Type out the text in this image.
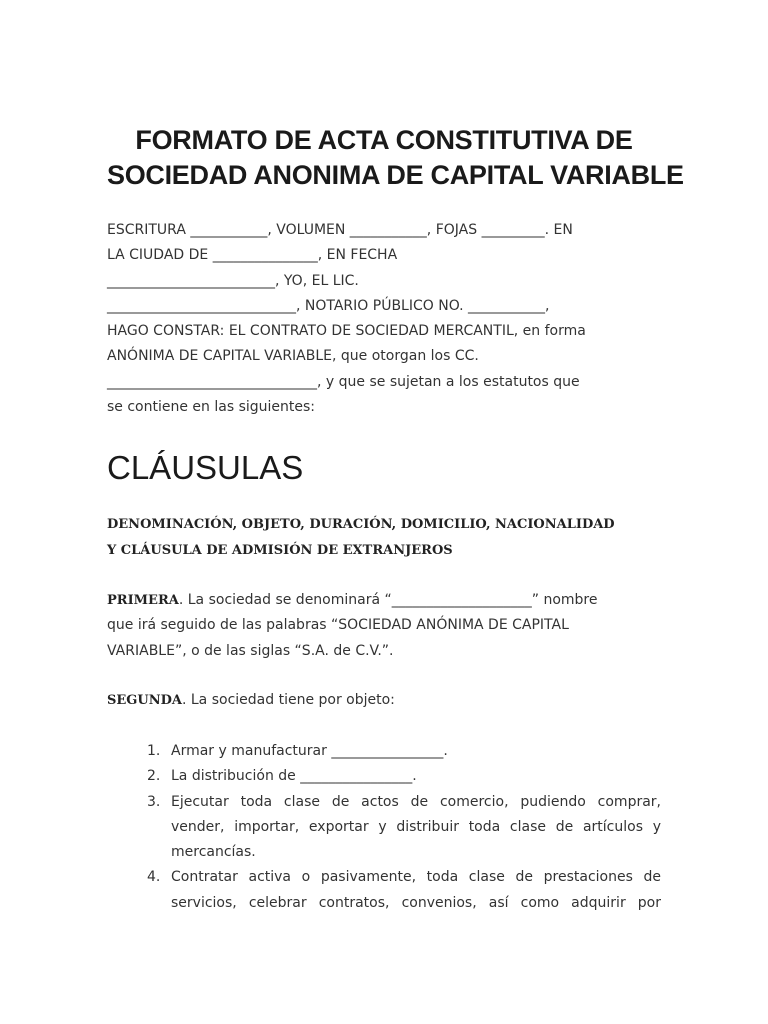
FORMATO DE ACTA CONSTITUTIVA DE
SOCIEDAD ANONIMA DE CAPITAL VARIABLE
ESCRITURA ___________, VOLUMEN ___________, FOJAS _________. EN
LA CIUDAD DE _______________, EN FECHA
________________________, YO, EL LIC.
___________________________, NOTARIO PÚBLICO NO. ___________,
HAGO CONSTAR: EL CONTRATO DE SOCIEDAD MERCANTIL, en forma
ANÓNIMA DE CAPITAL VARIABLE, que otorgan los CC.
______________________________, y que se sujetan a los estatutos que
se contiene en las siguientes:
CLÁUSULAS
DENOMINACIÓN, OBJETO, DURACIÓN, DOMICILIO, NACIONALIDAD
Y CLÁUSULA DE ADMISIÓN DE EXTRANJEROS
PRIMERA. La sociedad se denominará “____________________” nombre
que irá seguido de las palabras “SOCIEDAD ANÓNIMA DE CAPITAL
VARIABLE”, o de las siglas “S.A. de C.V.”.
SEGUNDA. La sociedad tiene por objeto:
1. Armar y manufacturar ________________.
2. La distribución de ________________.
3. Ejecutar toda clase de actos de comercio, pudiendo comprar,
vender, importar, exportar y distribuir toda clase de artículos y
mercancías.
4. Contratar activa o pasivamente, toda clase de prestaciones de
servicios, celebrar contratos, convenios, así como adquirir por
